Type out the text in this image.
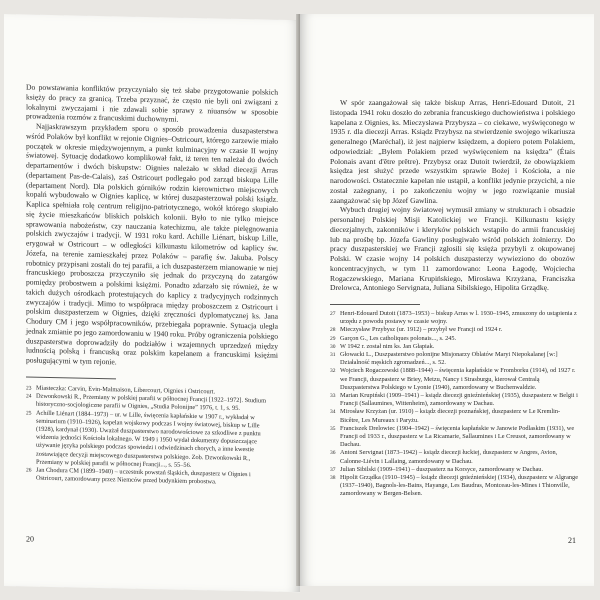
Do powstawania konfliktów przyczyniało się też słabe przygotowanie polskich księży do pracy za granicą. Trzeba przyznać, że często nie byli oni związani z lokalnymi zwyczajami i nie zdawali sobie sprawy z niuansów w sposobie prowadzenia rozmów z francuskimi duchownymi.

Najjaskrawszym przykładem sporu o sposób prowadzenia duszpasterstwa wśród Polaków był konflikt w rejonie Oignies–Ostricourt, którego zarzewie miało początek w okresie międzywojennym, a punkt kulminacyjny w czasie II wojny światowej. Sytuację dodatkowo komplikował fakt, iż teren ten należał do dwóch departamentów i dwóch biskupstw: Oignies należało w skład diecezji Arras (departament Pas-de-Calais), zaś Ostricourt podlegało pod zarząd biskupa Lille (departament Nord). Dla polskich górników rodzin kierownictwo miejscowych kopalń wybudowało w Oignies kaplicę, w której duszpasterzował polski ksiądz. Kaplica spełniała rolę centrum religijno-patriotycznego, wokół którego skupiało się życie mieszkańców bliskich polskich kolonii. Było to nie tylko miejsce sprawowania nabożeństw, czy nauczania katechizmu, ale także pielęgnowania polskich zwyczajów i tradycji. W 1931 roku kard. Achille Liénart, biskup Lille, erygował w Ostricourt – w odległości kilkunastu kilometrów od kaplicy św. Józefa, na terenie zamieszkałej przez Polaków – parafię św. Jakuba. Polscy robotnicy przypisani zostali do tej parafii, a ich duszpasterzem mianowanie w niej francuskiego proboszcza przyczyniło się jednak do przyczyną do zatargów pomiędzy probostwem a polskimi księżmi. Ponadto zdarzało się również, że w takich dużych ośrodkach protestujących do kaplicy z tradycyjnych rodzinnych zwyczajów i tradycji. Mimo to współpraca między proboszczem z Ostricourt i polskim duszpasterzem w Oignies, dzięki zręczności dyplomatycznej ks. Jana Chodury CM i jego współpracowników, przebiegała poprawnie. Sytuacja uległa jednak zmianie po jego zamordowaniu w 1940 roku. Próby ograniczenia polskiego duszpasterstwa doprowadziły do podziałów i wzajemnych uprzedzeń między ludnością polską i francuską oraz polskim kapelanem a francuskimi księżmi posługującymi w tym rejonie.

23 Miasteczka: Carvin, Evin-Malmaison, Libercourt, Oignies i Ostricourt.
24 Dzwonkowski R., Przemiany w polskiej parafii w północnej Francji [1922–1972]. Studium historyczno-socjologiczne parafii w Oignies, „Studia Polonijne” 1976, t. 1, s. 95.
25 Achille Liénart (1884–1973) – ur. w Lille, święcenia kapłańskie w 1907 r., wykładał w seminarium (1910–1926), kapelan wojskowy podczas I wojny światowej, biskup w Lille (1928), kardynał (1930). Uważał duszpasterstwo narodowościowe za szkodliwe z punktu widzenia jedności Kościoła lokalnego. W 1949 i 1950 wydał dokumenty dopuszczające używanie języka polskiego podczas spowiedzi i odwiedzinach chorych, a inne kwestie zostawiające decyzji miejscowego duszpasterstwa polskiego. Zob. Dzwonkowski R., Przemiany w polskiej parafii w północnej Francji..., s. 55–56.
26 Jan Chodura CM (1899–1940) – uczestnik powstań śląskich, duszpasterz w Oignies i Ostricourt, zamordowany przez Niemców przed budynkiem probostwa.
20

W spór zaangażował się także biskup Arras, Henri-Edouard Dutoit, 21 listopada 1941 roku doszło do zebrania francuskiego duchowieństwa i polskiego kapelana z Oignies, ks. Mieczysława Przybysza – co ciekawe, wyświęconego w 1935 r. dla diecezji Arras. Ksiądz Przybysz na stwierdzenie swojego wikariusza generalnego (Maréchal), iż jest najpierw księdzem, a dopiero potem Polakiem, odpowiedział: „Byłem Polakiem przed wyświęceniem na księdza” (Étais Polonais avant d'être prêtre). Przybysz oraz Dutoit twierdził, że obowiązkiem księdza jest służyć przede wszystkim sprawie Bożej i Kościoła, a nie narodowości. Ostatecznie kapelan nie ustąpił, a konflikt jedynie przycichł, a nie został zażegnany, i po zakończeniu wojny w jego rozwiązanie musiał zaangażować się bp Józef Gawlina.

Wybuch drugiej wojny światowej wymusił zmiany w strukturach i obsadzie personalnej Polskiej Misji Katolickiej we Francji. Kilkunastu księży diecezjalnych, zakonników i kleryków polskich wstąpiło do armii francuskiej lub na prośbę bp. Józefa Gawliny posługiwało wśród polskich żołnierzy. Do pracy duszpasterskiej we Francji zgłosili się księża przybyli z okupowanej Polski. W czasie wojny 14 polskich duszpasterzy wywieziono do obozów koncentracyjnych, w tym 11 zamordowano: Leona Łagodę, Wojciecha Rogaczewskiego, Mariana Krupińskiego, Mirosława Krzyżana, Franciszka Drelowca, Antoniego Servignata, Juliana Sibilskiego, Hipolita Grządkę.

27 Henri-Edouard Dutoit (1873–1953) – biskup Arras w l. 1930–1945, zmuszony do ustąpienia z urzędu z powodu postawy w czasie wojny.
28 Mieczysław Przybysz (ur. 1912) – przybył we Francji od 1924 r.
29 Garçon G., Les catholiques polonais..., s. 245.
30 W 1942 r. został nim ks. Jan Głapiak.
31 Głowacki L., Duszpasterstwo polonijne Misjonarzy Oblatów Maryi Niepokalanej [w:] Działalność męskich zgromadzeń..., s. 52.
32 Wojciech Rogaczewski (1888–1944) – święcenia kapłańskie w Fromborku (1914), od 1927 r. we Francji, duszpasterz w Briey, Metzu, Nancy i Strasburgu, kierował Centralą Duszpasterstwa Polskiego w Lyonie (1940), zamordowany w Buchenwaldzie.
33 Marian Krupiński (1909–1941) – ksiądz diecezji gnieźnieńskiej (1935), duszpasterz w Belgii i Francji (Sallaumines, Wittenheim), zamordowany w Dachau.
34 Mirosław Krzyżan (ur. 1910) – ksiądz diecezji poznańskiej, duszpasterz w Le Kremlin-Bicêtre, Les Mureaux i Paryżu.
35 Franciszek Drelowiec (1904–1942) – święcenia kapłańskie w Janowie Podlaskim (1931), we Francji od 1933 r., duszpasterz w La Ricamarie, Sallaumines i Le Creusot, zamordowany w Dachau.
36 Antoni Servignat (1873–1942) – ksiądz diecezji łuckiej, duszpasterz w Angres, Avion, Calonne-Liévin i Lallaing, zamordowany w Dachau.
37 Julian Sibilski (1909–1941) – duszpasterz na Korsyce, zamordowany w Dachau.
38 Hipolit Grządka (1910–1945) – ksiądz diecezji gnieźnieńskiej (1934), duszpasterz w Algrange (1937–1940), Bagnols-les-Bains, Hayange, Les Baudras, Montceau-les-Mines i Thionville, zamordowany w Bergen-Belsen.
21
